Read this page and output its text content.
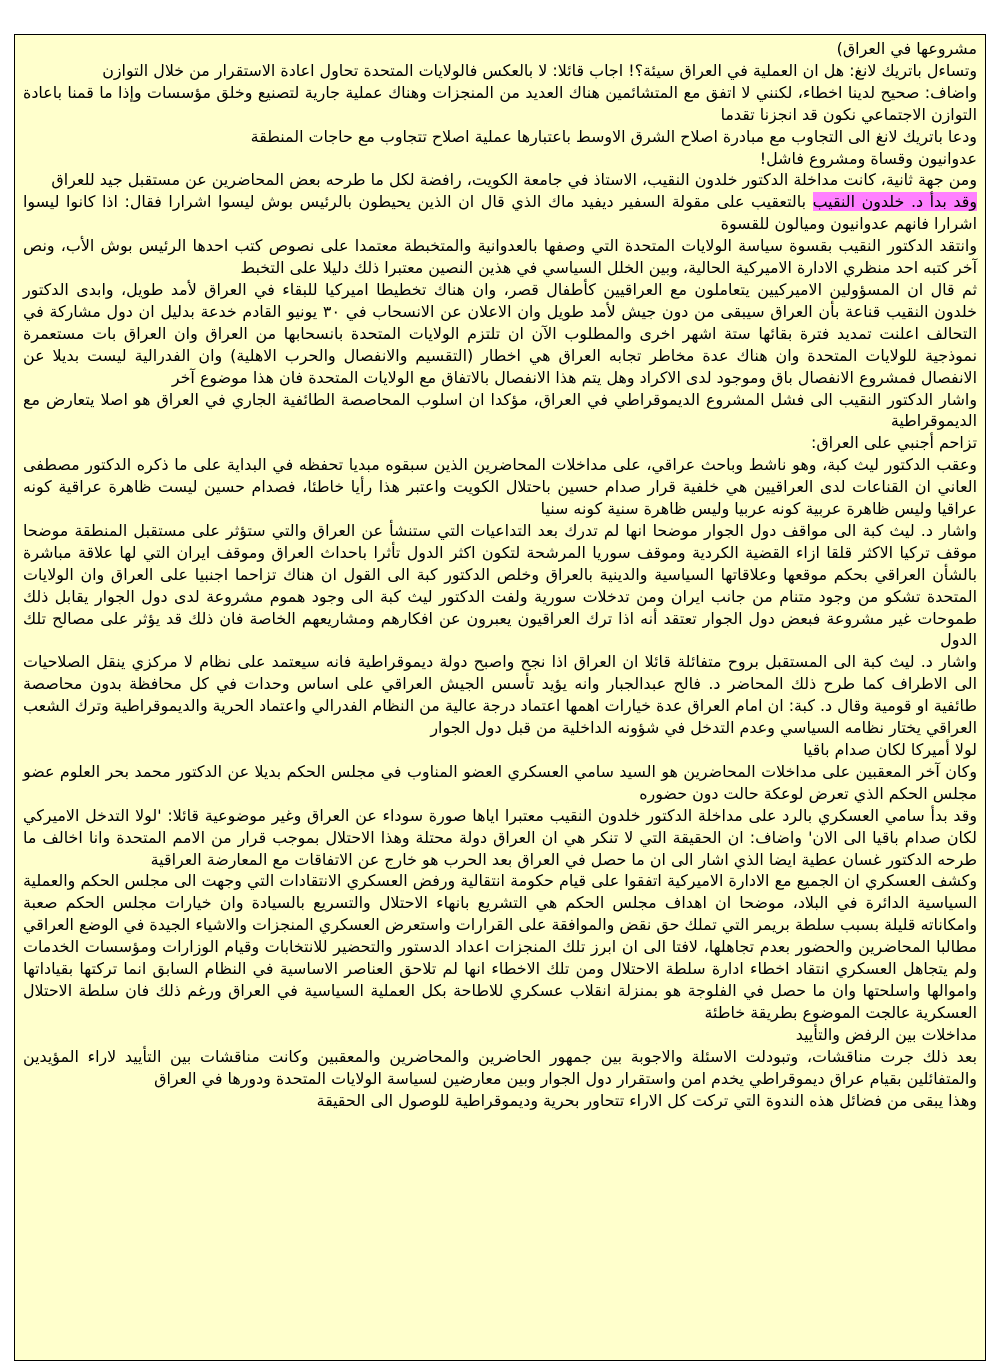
مشروعها في العراق)

وتساءل باتريك لانغ: هل ان العملية في العراق سيئة؟! اجاب قائلا: لا بالعكس فالولايات المتحدة تحاول اعادة الاستقرار من خلال التوازن

واضاف: صحيح لدينا اخطاء، لكنني لا اتفق مع المتشائمين هناك العديد من المنجزات وهناك عملية جارية لتصنيع وخلق مؤسسات وإذا ما قمنا باعادة التوازن الاجتماعي نكون قد انجزنا تقدما

ودعا باتريك لانغ الى التجاوب مع مبادرة اصلاح الشرق الاوسط باعتبارها عملية اصلاح تتجاوب مع حاجات المنطقة

عدوانيون وقساة ومشروع فاشل!

ومن جهة ثانية، كانت مداخلة الدكتور خلدون النقيب، الاستاذ في جامعة الكويت، رافضة لكل ما طرحه بعض المحاضرين عن مستقبل جيد للعراق

وقد بدأ د. خلدون النقيب بالتعقيب على مقولة السفير ديفيد ماك الذي قال ان الذين يحيطون بالرئيس بوش ليسوا اشرارا فقال: اذا كانوا ليسوا اشرارا فانهم عدوانيون وميالون للقسوة

وانتقد الدكتور النقيب بقسوة سياسة الولايات المتحدة التي وصفها بالعدوانية والمتخبطة معتمدا على نصوص كتب احدها الرئيس بوش الأب، ونص آخر كتبه احد منظري الادارة الاميركية الحالية، وبين الخلل السياسي في هذين النصين معتبرا ذلك دليلا على التخبط

ثم قال ان المسؤولين الاميركيين يتعاملون مع العراقيين كأطفال قصر، وان هناك تخطيطا اميركيا للبقاء في العراق لأمد طويل، وابدى الدكتور خلدون النقيب قناعة بأن العراق سيبقى من دون جيش لأمد طويل وان الاعلان عن الانسحاب في ٣٠ يونيو القادم خدعة بدليل ان دول مشاركة في التحالف اعلنت تمديد فترة بقائها ستة اشهر اخرى والمطلوب الآن ان تلتزم الولايات المتحدة بانسحابها من العراق وان العراق بات مستعمرة نموذجية للولايات المتحدة وان هناك عدة مخاطر تجابه العراق هي اخطار (التقسيم والانفصال والحرب الاهلية) وان الفدرالية ليست بديلا عن الانفصال فمشروع الانفصال باق وموجود لدى الاكراد وهل يتم هذا الانفصال بالاتفاق مع الولايات المتحدة فان هذا موضوع آخر

واشار الدكتور النقيب الى فشل المشروع الديموقراطي في العراق، مؤكدا ان اسلوب المحاصصة الطائفية الجاري في العراق هو اصلا يتعارض مع الديموقراطية

تزاحم أجنبي على العراق:

وعقب الدكتور ليث كبة، وهو ناشط وباحث عراقي، على مداخلات المحاضرين الذين سبقوه مبديا تحفظه في البداية على ما ذكره الدكتور مصطفى العاني ان القناعات لدى العراقيين هي خلفية قرار صدام حسين باحتلال الكويت واعتبر هذا رأيا خاطئا، فصدام حسين ليست ظاهرة عراقية كونه عراقيا وليس ظاهرة عربية كونه عربيا وليس ظاهرة سنية كونه سنيا

واشار د. ليث كبة الى مواقف دول الجوار موضحا انها لم تدرك بعد التداعيات التي ستنشأ عن العراق والتي ستؤثر على مستقبل المنطقة موضحا موقف تركيا الاكثر قلقا ازاء القضية الكردية وموقف سوريا المرشحة لتكون اكثر الدول تأثرا باحداث العراق وموقف ايران التي لها علاقة مباشرة بالشأن العراقي بحكم موقعها وعلاقاتها السياسية والدينية بالعراق وخلص الدكتور كبة الى القول ان هناك تزاحما اجنبيا على العراق وان الولايات المتحدة تشكو من وجود متنام من جانب ايران ومن تدخلات سورية ولفت الدكتور ليث كبة الى وجود هموم مشروعة لدى دول الجوار يقابل ذلك طموحات غير مشروعة فبعض دول الجوار تعتقد أنه اذا ترك العراقيون يعبرون عن افكارهم ومشاريعهم الخاصة فان ذلك قد يؤثر على مصالح تلك الدول

واشار د. ليث كبة الى المستقبل بروح متفائلة قائلا ان العراق اذا نجح واصبح دولة ديموقراطية فانه سيعتمد على نظام لا مركزي ينقل الصلاحيات الى الاطراف كما طرح ذلك المحاضر د. فالح عبدالجبار وانه يؤيد تأسس الجيش العراقي على اساس وحدات في كل محافظة بدون محاصصة طائفية او قومية وقال د. كبة: ان امام العراق عدة خيارات اهمها اعتماد درجة عالية من النظام الفدرالي واعتماد الحرية والديموقراطية وترك الشعب العراقي يختار نظامه السياسي وعدم التدخل في شؤونه الداخلية من قبل دول الجوار

لولا أميركا لكان صدام باقيا

وكان آخر المعقبين على مداخلات المحاضرين هو السيد سامي العسكري العضو المناوب في مجلس الحكم بديلا عن الدكتور محمد بحر العلوم عضو مجلس الحكم الذي تعرض لوعكة حالت دون حضوره

وقد بدأ سامي العسكري بالرد على مداخلة الدكتور خلدون النقيب معتبرا اياها صورة سوداء عن العراق وغير موضوعية قائلا: 'لولا التدخل الاميركي لكان صدام باقيا الى الان' واضاف: ان الحقيقة التي لا تنكر هي ان العراق دولة محتلة وهذا الاحتلال بموجب قرار من الامم المتحدة وانا اخالف ما طرحه الدكتور غسان عطية ايضا الذي اشار الى ان ما حصل في العراق بعد الحرب هو خارج عن الاتفاقات مع المعارضة العراقية

وكشف العسكري ان الجميع مع الادارة الاميركية اتفقوا على قيام حكومة انتقالية ورفض العسكري الانتقادات التي وجهت الى مجلس الحكم والعملية السياسية الدائرة في البلاد، موضحا ان اهداف مجلس الحكم هي التشريع بانهاء الاحتلال والتسريع بالسيادة وان خيارات مجلس الحكم صعبة وامكاناته قليلة بسبب سلطة بريمر التي تملك حق نقض والموافقة على القرارات واستعرض العسكري المنجزات والاشياء الجيدة في الوضع العراقي مطالبا المحاضرين والحضور بعدم تجاهلها، لافتا الى ان ابرز تلك المنجزات اعداد الدستور والتحضير للانتخابات وقيام الوزارات ومؤسسات الخدمات ولم يتجاهل العسكري انتقاد اخطاء ادارة سلطة الاحتلال ومن تلك الاخطاء انها لم تلاحق العناصر الاساسية في النظام السابق انما تركتها بقياداتها واموالها واسلحتها وان ما حصل في الفلوجة هو بمنزلة انقلاب عسكري للاطاحة بكل العملية السياسية في العراق ورغم ذلك فان سلطة الاحتلال العسكرية عالجت الموضوع بطريقة خاطئة

مداخلات بين الرفض والتأييد

بعد ذلك جرت مناقشات، وتبودلت الاسئلة والاجوبة بين جمهور الحاضرين والمحاضرين والمعقبين وكانت مناقشات بين التأييد لاراء المؤيدين والمتفائلين بقيام عراق ديموقراطي يخدم امن واستقرار دول الجوار وبين معارضين لسياسة الولايات المتحدة ودورها في العراق

وهذا يبقى من فضائل هذه الندوة التي تركت كل الاراء تتحاور بحرية وديموقراطية للوصول الى الحقيقة
